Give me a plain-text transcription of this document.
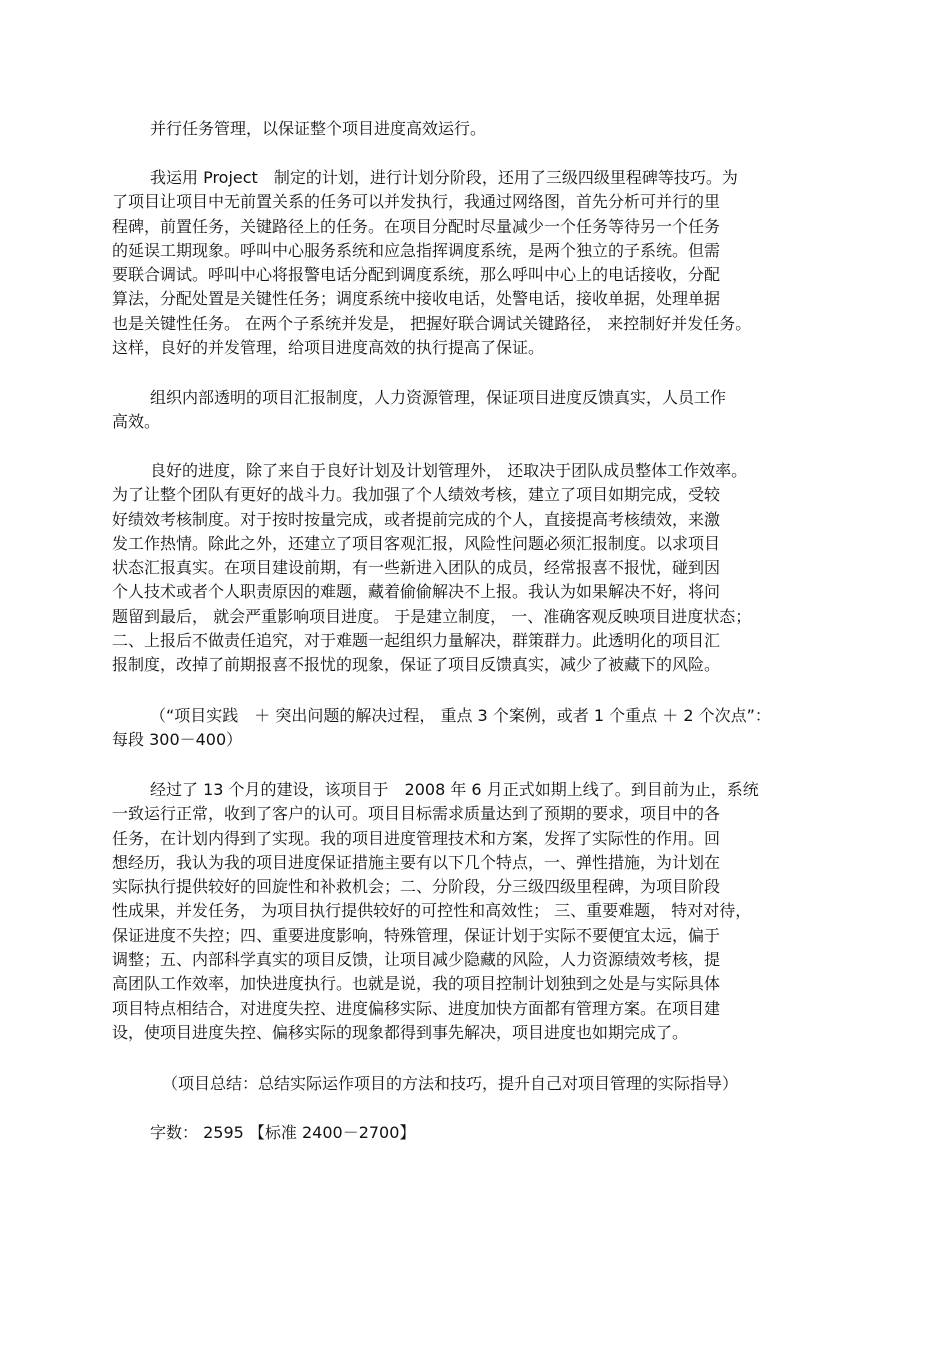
并行任务管理，以保证整个项目进度高效运行。

我运用 Project　制定的计划，进行计划分阶段，还用了三级四级里程碑等技巧。为
了项目让项目中无前置关系的任务可以并发执行，我通过网络图，首先分析可并行的里
程碑，前置任务，关键路径上的任务。在项目分配时尽量减少一个任务等待另一个任务
的延误工期现象。呼叫中心服务系统和应急指挥调度系统，是两个独立的子系统。但需
要联合调试。呼叫中心将报警电话分配到调度系统，那么呼叫中心上的电话接收，分配
算法，分配处置是关键性任务；调度系统中接收电话，处警电话，接收单据，处理单据
也是关键性任务。 在两个子系统并发是， 把握好联合调试关键路径， 来控制好并发任务。
这样，良好的并发管理，给项目进度高效的执行提高了保证。

组织内部透明的项目汇报制度，人力资源管理，保证项目进度反馈真实，人员工作
高效。

良好的进度，除了来自于良好计划及计划管理外， 还取决于团队成员整体工作效率。
为了让整个团队有更好的战斗力。我加强了个人绩效考核，建立了项目如期完成，受较
好绩效考核制度。对于按时按量完成，或者提前完成的个人，直接提高考核绩效，来激
发工作热情。除此之外，还建立了项目客观汇报，风险性问题必须汇报制度。以求项目
状态汇报真实。在项目建设前期，有一些新进入团队的成员，经常报喜不报忧，碰到因
个人技术或者个人职责原因的难题，藏着偷偷解决不上报。我认为如果解决不好，将问
题留到最后， 就会严重影响项目进度。 于是建立制度， 一、准确客观反映项目进度状态；
二、上报后不做责任追究，对于难题一起组织力量解决，群策群力。此透明化的项目汇
报制度，改掉了前期报喜不报忧的现象，保证了项目反馈真实，减少了被藏下的风险。

（“项目实践　＋ 突出问题的解决过程， 重点 3 个案例，或者 1 个重点 ＋ 2 个次点”：
每段 300－400）

经过了 13 个月的建设，该项目于　2008 年 6 月正式如期上线了。到目前为止，系统
一致运行正常，收到了客户的认可。项目目标需求质量达到了预期的要求，项目中的各
任务，在计划内得到了实现。我的项目进度管理技术和方案，发挥了实际性的作用。回
想经历，我认为我的项目进度保证措施主要有以下几个特点，一、弹性措施，为计划在
实际执行提供较好的回旋性和补救机会；二、分阶段，分三级四级里程碑，为项目阶段
性成果，并发任务， 为项目执行提供较好的可控性和高效性； 三、重要难题， 特对对待，
保证进度不失控；四、重要进度影响，特殊管理，保证计划于实际不要便宜太远，偏于
调整；五、内部科学真实的项目反馈，让项目减少隐藏的风险，人力资源绩效考核，提
高团队工作效率，加快进度执行。也就是说，我的项目控制计划独到之处是与实际具体
项目特点相结合，对进度失控、进度偏移实际、进度加快方面都有管理方案。在项目建
设，使项目进度失控、偏移实际的现象都得到事先解决，项目进度也如期完成了。

（项目总结：总结实际运作项目的方法和技巧，提升自己对项目管理的实际指导）

字数： 2595 【标准 2400－2700】
